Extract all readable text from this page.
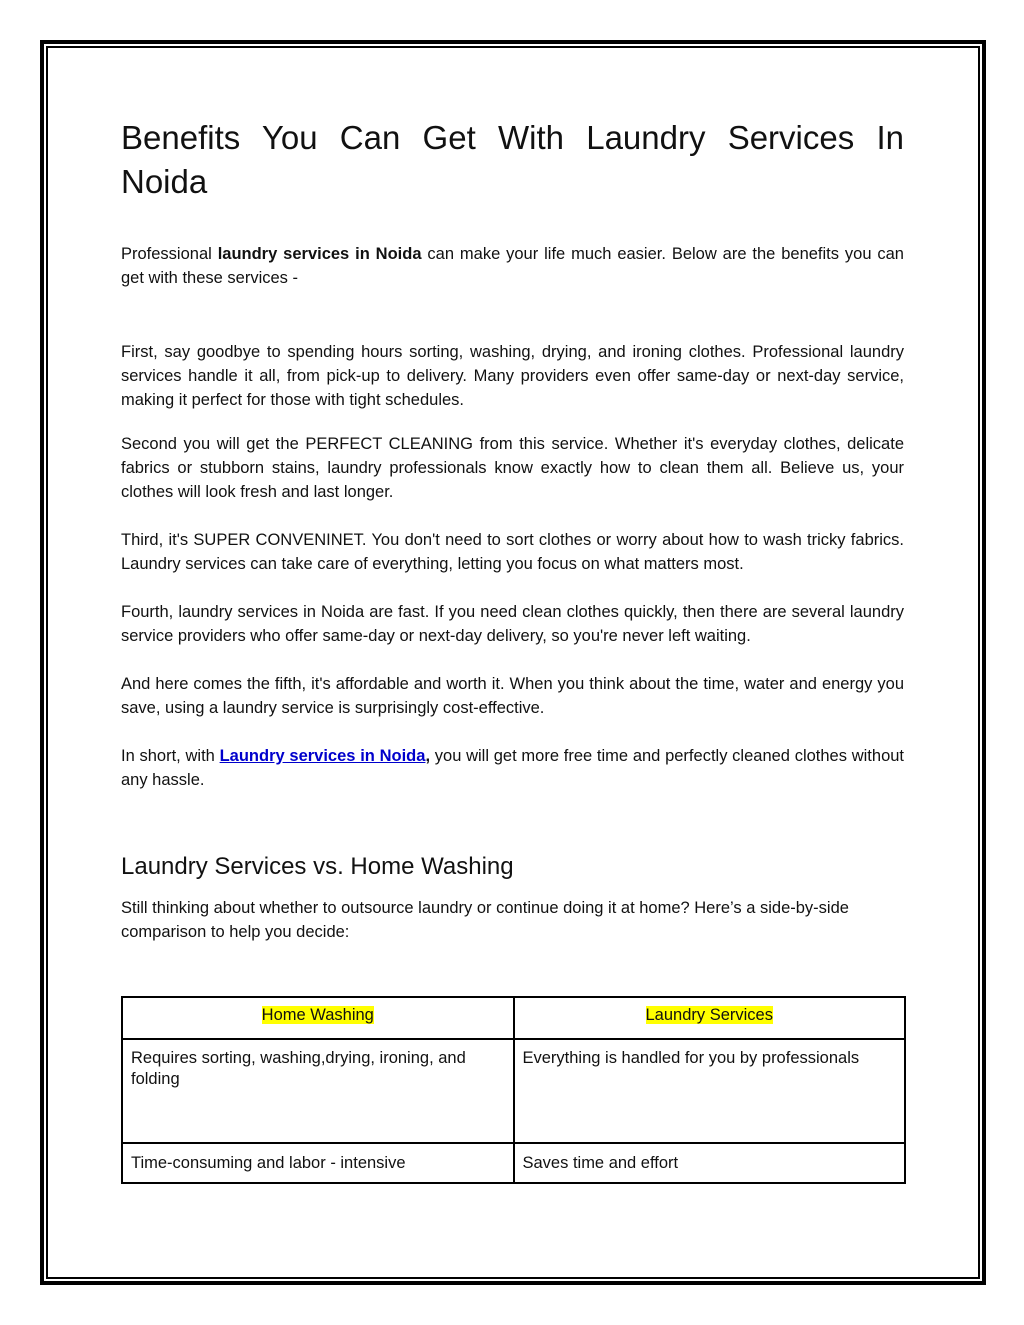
Benefits You Can Get With Laundry Services In Noida

Professional laundry services in Noida can make your life much easier. Below are the benefits you can get with these services -

First, say goodbye to spending hours sorting, washing, drying, and ironing clothes. Professional laundry services handle it all, from pick-up to delivery. Many providers even offer same-day or next-day service, making it perfect for those with tight schedules.

Second you will get the PERFECT CLEANING from this service. Whether it's everyday clothes, delicate fabrics or stubborn stains, laundry professionals know exactly how to clean them all. Believe us, your clothes will look fresh and last longer.

Third, it's SUPER CONVENINET. You don't need to sort clothes or worry about how to wash tricky fabrics. Laundry services can take care of everything, letting you focus on what matters most.

Fourth, laundry services in Noida are fast. If you need clean clothes quickly, then there are several laundry service providers who offer same-day or next-day delivery, so you're never left waiting.

And here comes the fifth, it's affordable and worth it. When you think about the time, water and energy you save, using a laundry service is surprisingly cost-effective.

In short, with Laundry services in Noida, you will get more free time and perfectly cleaned clothes without any hassle.

Laundry Services vs. Home Washing

Still thinking about whether to outsource laundry or continue doing it at home? Here’s a side-by-side comparison to help you decide:

Home Washing	Laundry Services
Requires sorting, washing,drying, ironing, and folding	Everything is handled for you by professionals
Time-consuming and labor - intensive	Saves time and effort
